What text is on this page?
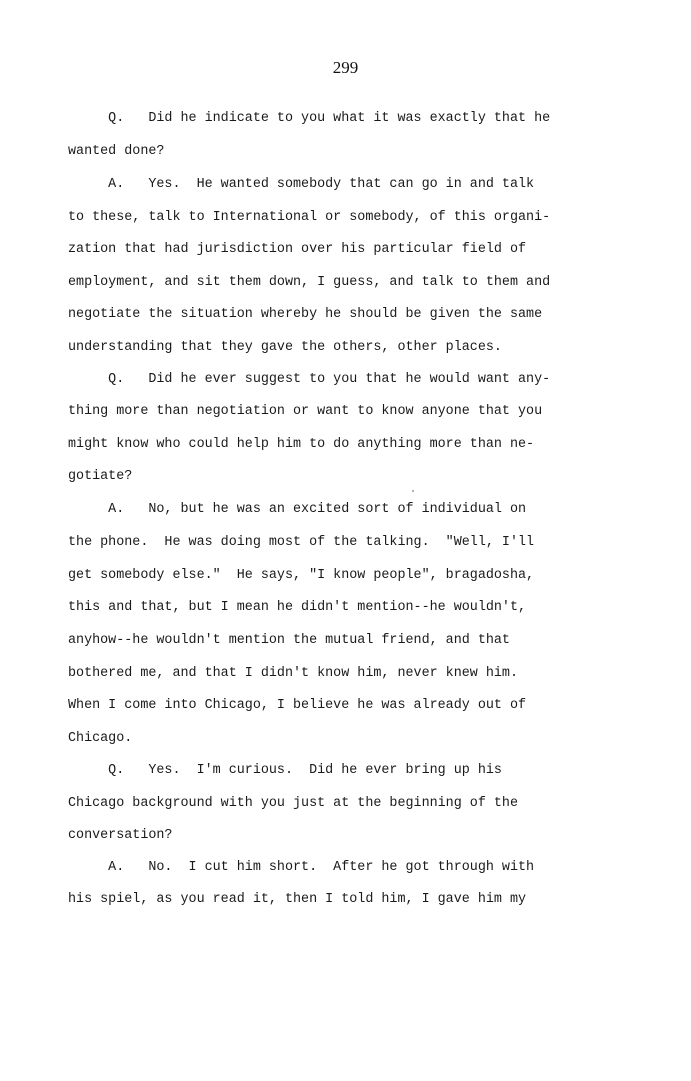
299
Q.   Did he indicate to you what it was exactly that he
wanted done?
A.   Yes.  He wanted somebody that can go in and talk
to these, talk to International or somebody, of this organi-
zation that had jurisdiction over his particular field of
employment, and sit them down, I guess, and talk to them and
negotiate the situation whereby he should be given the same
understanding that they gave the others, other places.
Q.   Did he ever suggest to you that he would want any-
thing more than negotiation or want to know anyone that you
might know who could help him to do anything more than ne-
gotiate?
A.   No, but he was an excited sort of individual on
the phone.  He was doing most of the talking.  "Well, I'll
get somebody else."  He says, "I know people", bragadosha,
this and that, but I mean he didn't mention--he wouldn't,
anyhow--he wouldn't mention the mutual friend, and that
bothered me, and that I didn't know him, never knew him.
When I come into Chicago, I believe he was already out of
Chicago.
Q.   Yes.  I'm curious.  Did he ever bring up his
Chicago background with you just at the beginning of the
conversation?
A.   No.  I cut him short.  After he got through with
his spiel, as you read it, then I told him, I gave him my
